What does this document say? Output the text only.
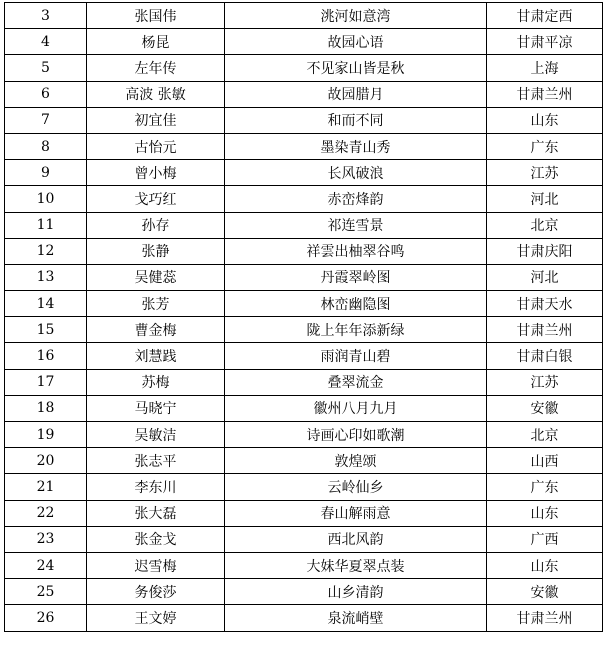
3	张国伟	洮河如意湾	甘肃定西
4	杨昆	故园心语	甘肃平凉
5	左年传	不见家山皆是秋	上海
6	高波 张敏	故园腊月	甘肃兰州
7	初宜佳	和而不同	山东
8	古怡元	墨染青山秀	广东
9	曾小梅	长风破浪	江苏
10	戈巧红	赤峦烽韵	河北
11	孙存	祁连雪景	北京
12	张静	祥雲出柚翠谷鸣	甘肃庆阳
13	吴健蕊	丹霞翠岭图	河北
14	张芳	林峦幽隐图	甘肃天水
15	曹金梅	陇上年年添新绿	甘肃兰州
16	刘慧践	雨润青山碧	甘肃白银
17	苏梅	叠翠流金	江苏
18	马晓宁	徽州八月九月	安徽
19	吴敏洁	诗画心印如歌潮	北京
20	张志平	敦煌颂	山西
21	李东川	云岭仙乡	广东
22	张大磊	春山解雨意	山东
23	张金戈	西北风韵	广西
24	迟雪梅	大妹华夏翠点装	山东
25	务俊莎	山乡清韵	安徽
26	王文婷	泉流峭壁	甘肃兰州
